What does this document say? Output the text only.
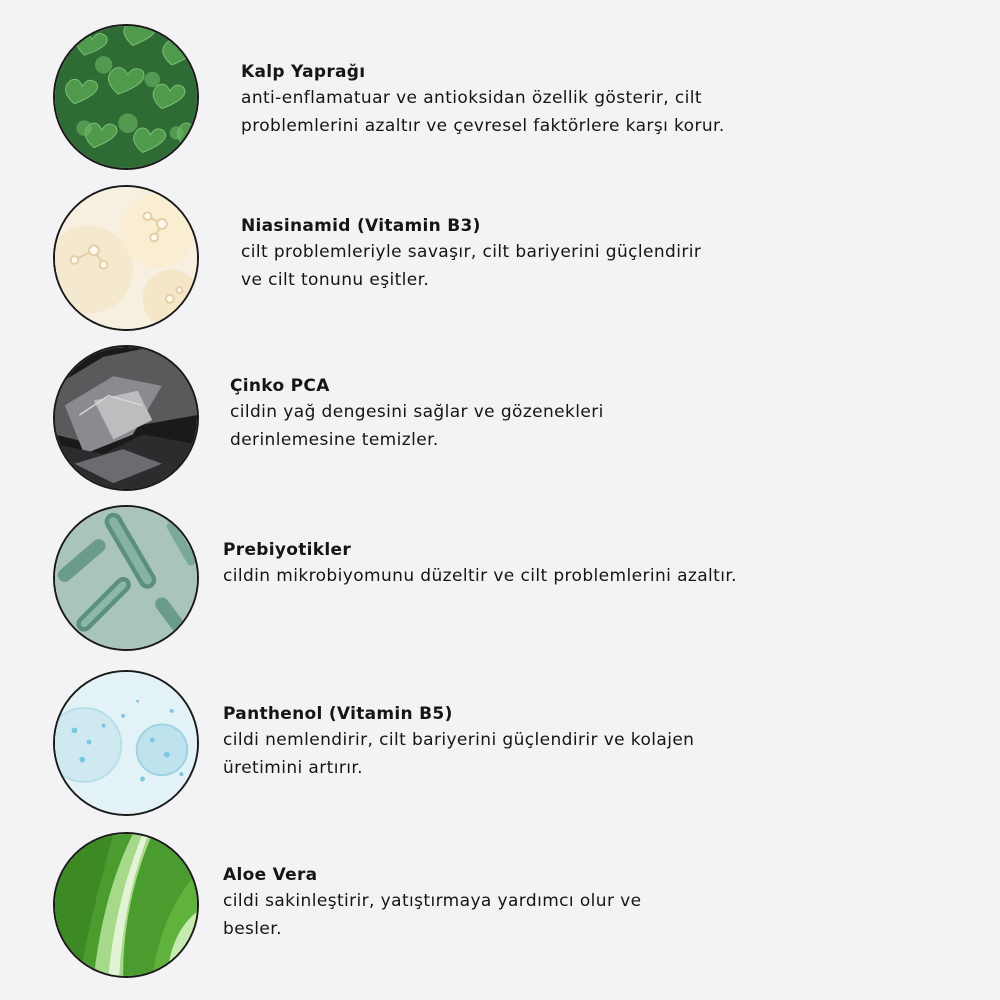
Kalp Yaprağı
anti-enflamatuar ve antioksidan özellik gösterir, cilt
problemlerini azaltır ve çevresel faktörlere karşı korur.
Niasinamid (Vitamin B3)
cilt problemleriyle savaşır, cilt bariyerini güçlendirir
ve cilt tonunu eşitler.
Çinko PCA
cildin yağ dengesini sağlar ve gözenekleri
derinlemesine temizler.
Prebiyotikler
cildin mikrobiyomunu düzeltir ve cilt problemlerini azaltır.
Panthenol (Vitamin B5)
cildi nemlendirir, cilt bariyerini güçlendirir ve kolajen
üretimini artırır.
Aloe Vera
cildi sakinleştirir, yatıştırmaya yardımcı olur ve
besler.
